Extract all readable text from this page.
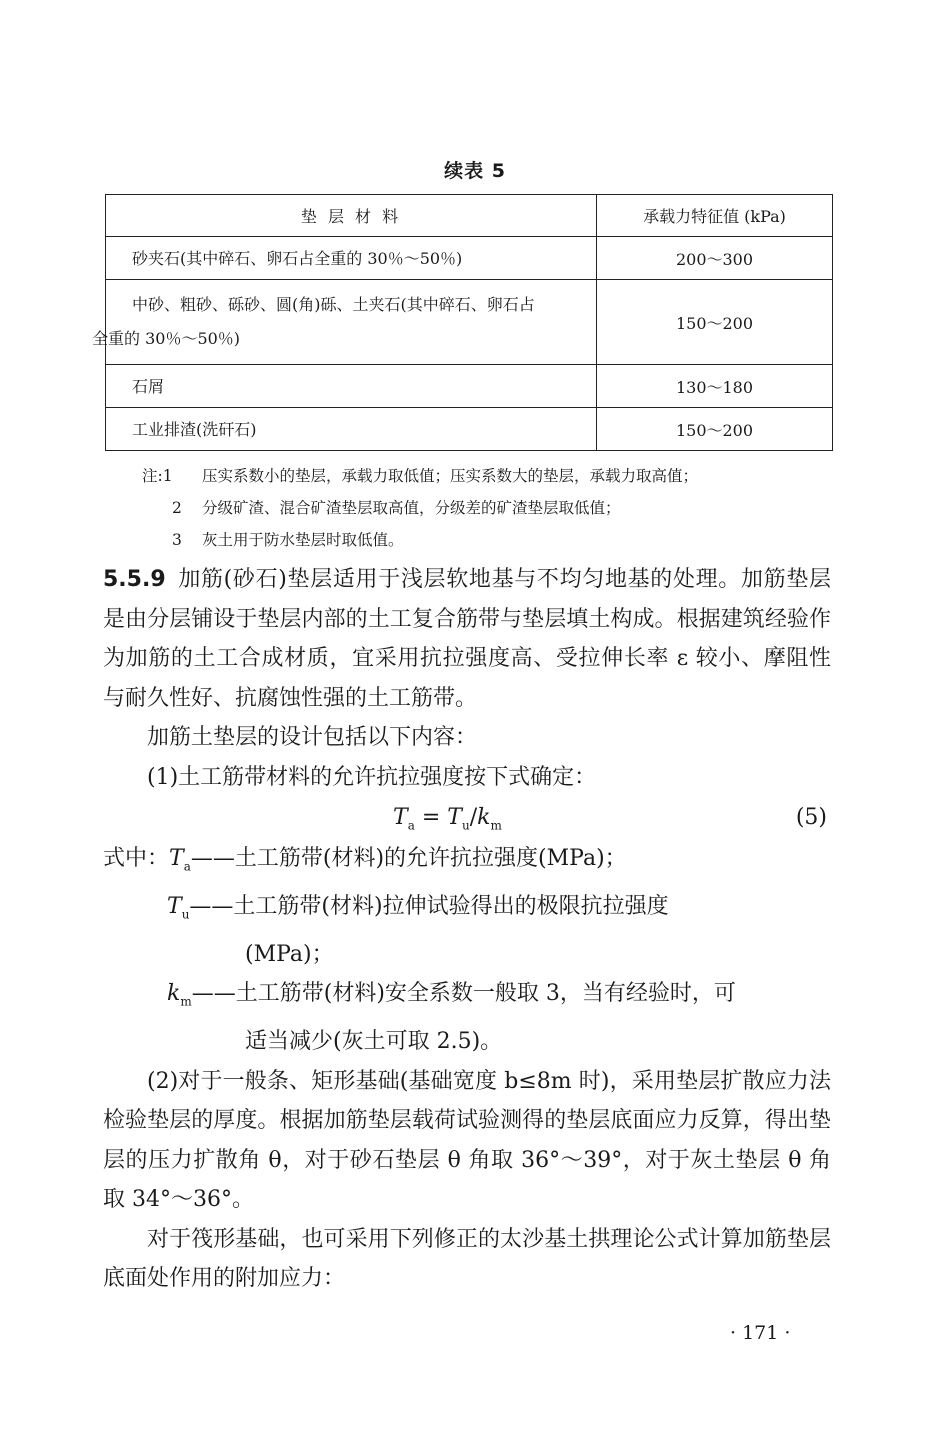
续表 5
垫 层 材 料	承载力特征值 (kPa)
砂夹石(其中碎石、卵石占全重的 30％～50％)	200～300
中砂、粗砂、砾砂、圆(角)砾、土夹石(其中碎石、卵石占
全重的 30％～50％)	150～200
石屑	130～180
工业排渣(洗矸石)	150～200
注:1 压实系数小的垫层，承载力取低值；压实系数大的垫层，承载力取高值；
2 分级矿渣、混合矿渣垫层取高值，分级差的矿渣垫层取低值；
3 灰土用于防水垫层时取低值。

5.5.9 加筋(砂石)垫层适用于浅层软地基与不均匀地基的处理。加筋垫层是由分层铺设于垫层内部的土工复合筋带与垫层填土构成。根据建筑经验作为加筋的土工合成材质，宜采用抗拉强度高、受拉伸长率 ε 较小、摩阻性与耐久性好、抗腐蚀性强的土工筋带。

加筋土垫层的设计包括以下内容：

(1)土工筋带材料的允许抗拉强度按下式确定：

$T_a = T_u/k_m$	(5)
式中：$T_a——$土工筋带(材料)的允许抗拉强度(MPa)；
$T_u——$土工筋带(材料)拉伸试验得出的极限抗拉强度
(MPa)；
$k_m——$土工筋带(材料)安全系数一般取 3，当有经验时，可
适当减少(灰土可取 2.5)。

(2)对于一般条、矩形基础(基础宽度 b≤8m 时)，采用垫层扩散应力法检验垫层的厚度。根据加筋垫层载荷试验测得的垫层底面应力反算，得出垫层的压力扩散角 θ，对于砂石垫层 θ 角取 36°～39°，对于灰土垫层 θ 角取 34°～36°。

对于筏形基础，也可采用下列修正的太沙基土拱理论公式计算加筋垫层底面处作用的附加应力：

· 171 ·
